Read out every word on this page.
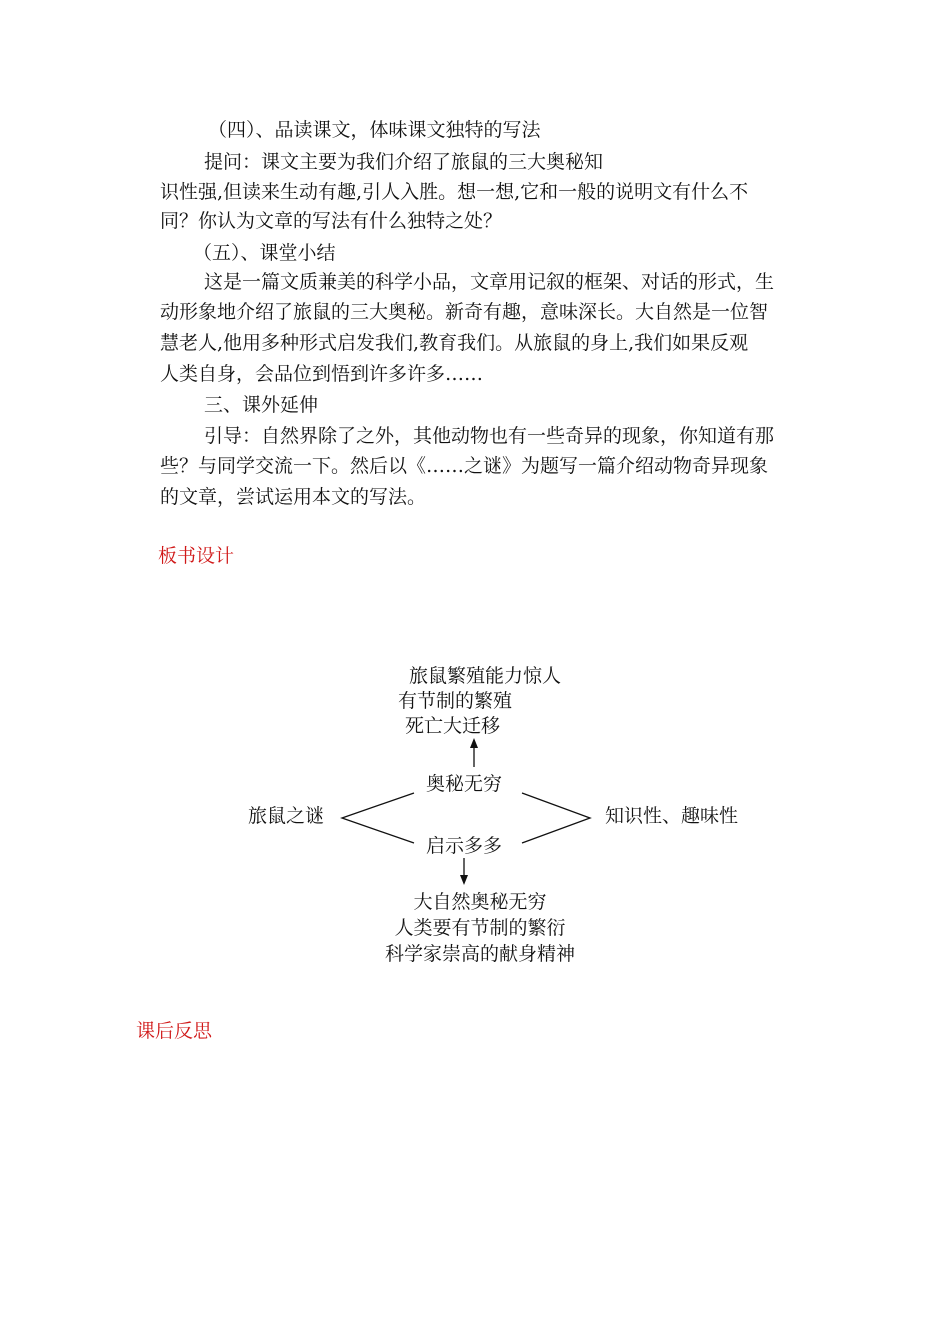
（四）、品读课文，体味课文独特的写法
提问：课文主要为我们介绍了旅鼠的三大奥秘知
识性强,但读来生动有趣,引人入胜。想一想,它和一般的说明文有什么不
同？你认为文章的写法有什么独特之处？
（五）、课堂小结
这是一篇文质兼美的科学小品，文章用记叙的框架、对话的形式，生
动形象地介绍了旅鼠的三大奥秘。新奇有趣，意味深长。大自然是一位智
慧老人,他用多种形式启发我们,教育我们。从旅鼠的身上,我们如果反观
人类自身，会品位到悟到许多许多……
三、课外延伸
引导：自然界除了之外，其他动物也有一些奇异的现象，你知道有那
些？与同学交流一下。然后以《……之谜》为题写一篇介绍动物奇异现象
的文章，尝试运用本文的写法。
板书设计
旅鼠繁殖能力惊人
有节制的繁殖
死亡大迁移
奥秘无穷
旅鼠之谜	知识性、趣味性
启示多多
大自然奥秘无穷
人类要有节制的繁衍
科学家崇高的献身精神
课后反思
